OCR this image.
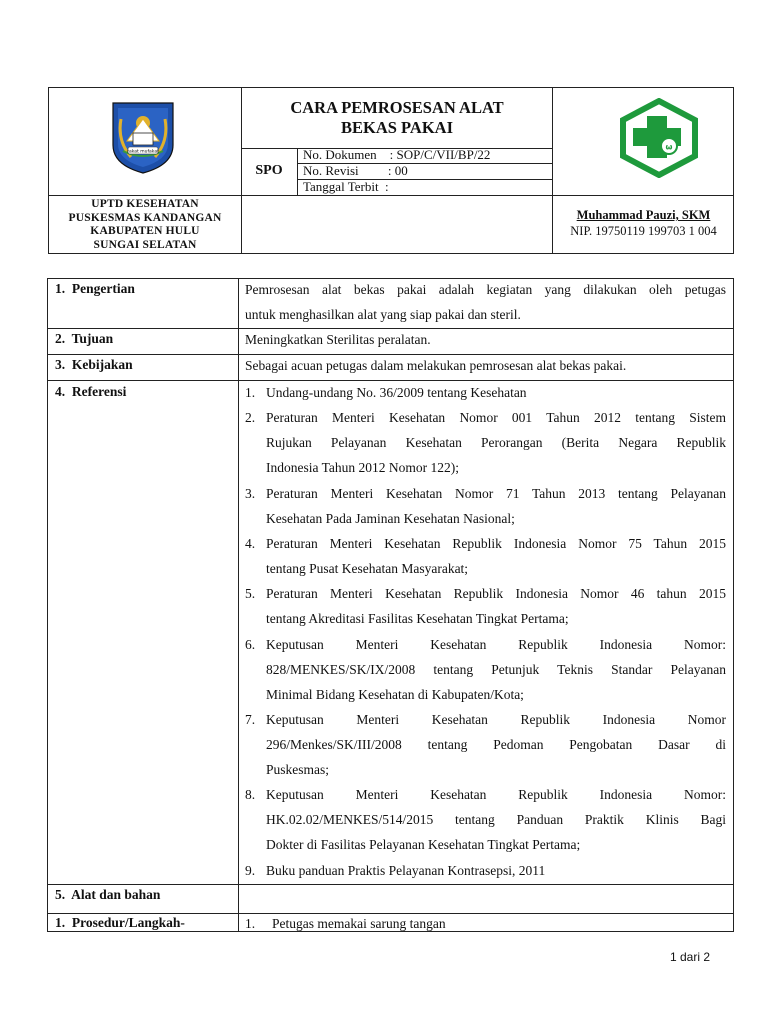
rakat mufakat
CARA PEMROSESAN ALAT
BEKAS PAKAI
SPO
No. Dokumen    : SOP/C/VII/BP/22
No. Revisi         : 00
Tanggal Terbit  :
ω
UPTD KESEHATAN
PUSKESMAS KANDANGAN
KABUPATEN HULU
SUNGAI SELATAN
Muhammad Pauzi, SKM
NIP. 19750119 199703 1 004
1.  Pengertian	Pemrosesan alat bekas pakai adalah kegiatan yang dilakukan oleh petugas
untuk menghasilkan alat yang siap pakai dan steril.
2.  Tujuan	Meningkatkan Sterilitas peralatan.
3.  Kebijakan	Sebagai acuan petugas dalam melakukan pemrosesan alat bekas pakai.
4.  Referensi	1. Undang-undang No. 36/2009 tentang Kesehatan
2. Peraturan Menteri Kesehatan Nomor 001 Tahun 2012 tentang Sistem
Rujukan Pelayanan Kesehatan Perorangan (Berita Negara Republik
Indonesia Tahun 2012 Nomor 122);
3. Peraturan Menteri Kesehatan Nomor 71 Tahun 2013 tentang Pelayanan
Kesehatan Pada Jaminan Kesehatan Nasional;
4. Peraturan Menteri Kesehatan Republik Indonesia Nomor 75 Tahun 2015
tentang Pusat Kesehatan Masyarakat;
5. Peraturan Menteri Kesehatan Republik Indonesia Nomor 46 tahun 2015
tentang Akreditasi Fasilitas Kesehatan Tingkat Pertama;
6. Keputusan Menteri Kesehatan Republik Indonesia Nomor:
828/MENKES/SK/IX/2008 tentang Petunjuk Teknis Standar Pelayanan
Minimal Bidang Kesehatan di Kabupaten/Kota;
7. Keputusan Menteri Kesehatan Republik Indonesia Nomor
296/Menkes/SK/III/2008 tentang Pedoman Pengobatan Dasar di
Puskesmas;
8. Keputusan Menteri Kesehatan Republik Indonesia Nomor:
HK.02.02/MENKES/514/2015 tentang Panduan Praktik Klinis Bagi
Dokter di Fasilitas Pelayanan Kesehatan Tingkat Pertama;
9. Buku panduan Praktis Pelayanan Kontrasepsi, 2011
5.  Alat dan bahan
1.  Prosedur/Langkah-	1.     Petugas memakai sarung tangan
1 dari 2
